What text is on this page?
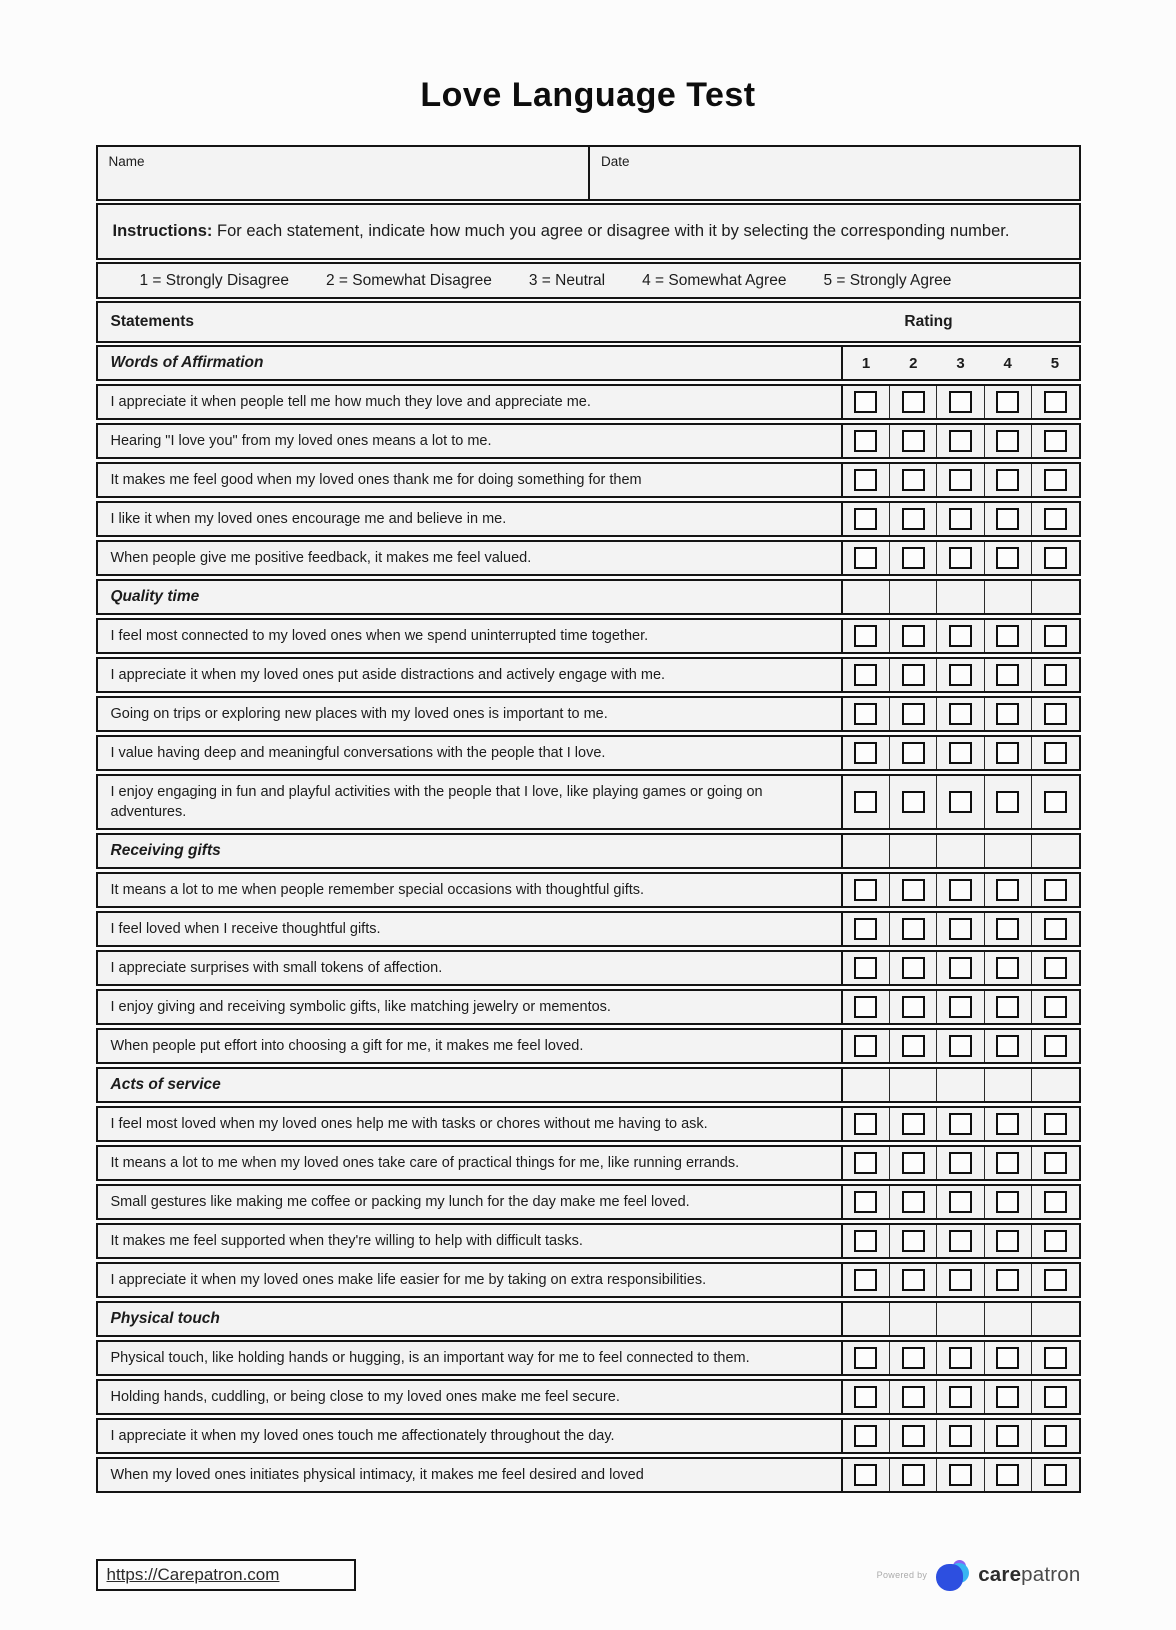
Love Language Test
Name	Date
Instructions: For each statement, indicate how much you agree or disagree with it by selecting the corresponding number.
1 = Strongly Disagree 2 = Somewhat Disagree 3 = Neutral 4 = Somewhat Agree 5 = Strongly Agree
Statements	Rating
Words of Affirmation	1	2	3	4	5
I appreciate it when people tell me how much they love and appreciate me.
Hearing "I love you" from my loved ones means a lot to me.
It makes me feel good when my loved ones thank me for doing something for them
I like it when my loved ones encourage me and believe in me.
When people give me positive feedback, it makes me feel valued.
Quality time
I feel most connected to my loved ones when we spend uninterrupted time together.
I appreciate it when my loved ones put aside distractions and actively engage with me.
Going on trips or exploring new places with my loved ones is important to me.
I value having deep and meaningful conversations with the people that I love.
I enjoy engaging in fun and playful activities with the people that I love, like playing games or going on adventures.
Receiving gifts
It means a lot to me when people remember special occasions with thoughtful gifts.
I feel loved when I receive thoughtful gifts.
I appreciate surprises with small tokens of affection.
I enjoy giving and receiving symbolic gifts, like matching jewelry or mementos.
When people put effort into choosing a gift for me, it makes me feel loved.
Acts of service
I feel most loved when my loved ones help me with tasks or chores without me having to ask.
It means a lot to me when my loved ones take care of practical things for me, like running errands.
Small gestures like making me coffee or packing my lunch for the day make me feel loved.
It makes me feel supported when they're willing to help with difficult tasks.
I appreciate it when my loved ones make life easier for me by taking on extra responsibilities.
Physical touch
Physical touch, like holding hands or hugging, is an important way for me to feel connected to them.
Holding hands, cuddling, or being close to my loved ones make me feel secure.
I appreciate it when my loved ones touch me affectionately throughout the day.
When my loved ones initiates physical intimacy, it makes me feel desired and loved
https://Carepatron.com	Powered by carepatron
